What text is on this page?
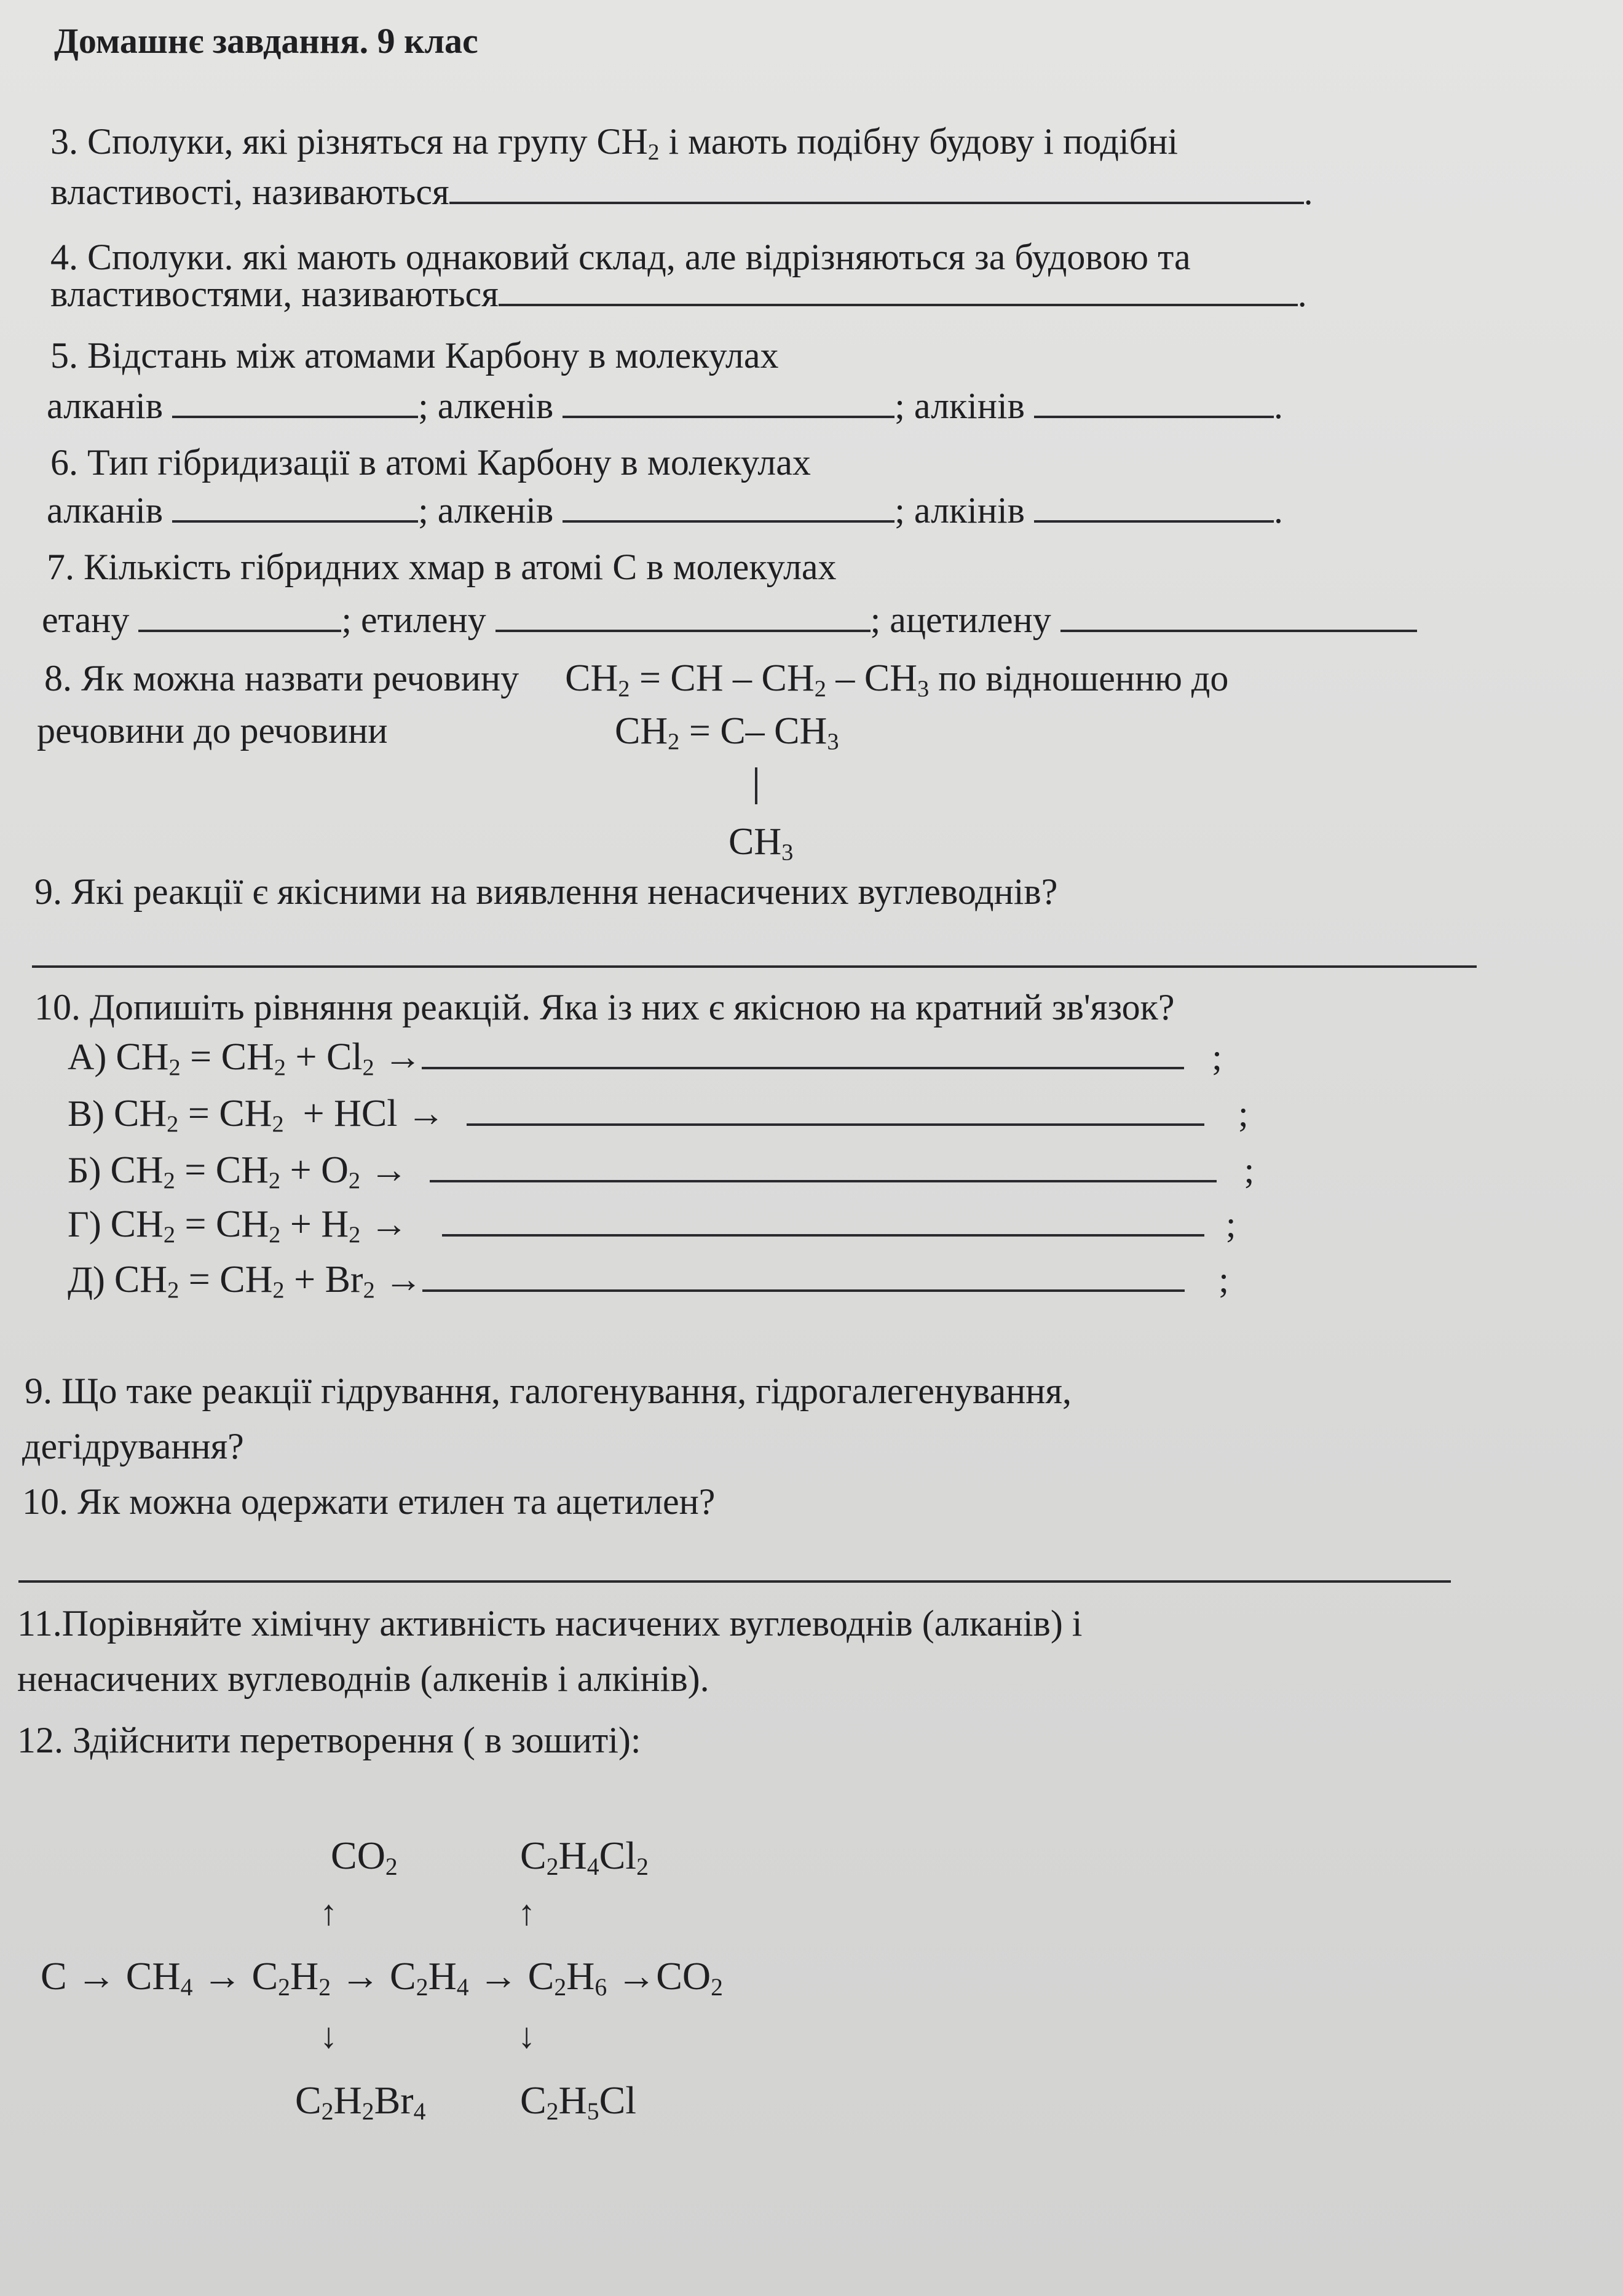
Домашнє завдання. 9 клас
3. Сполуки, які різняться на групу $CH_2$ і мають подібну будову і подібні
властивості, називаються	.
4. Сполуки. які мають однаковий склад, але відрізняються за будовою та
властивостями, називаються	.
5. Відстань між атомами Карбону в молекулах
алканів	; алкенів	; алкінів	.
6. Тип гібридизації в атомі Карбону в молекулах
алканів	; алкенів	; алкінів	.
7. Кількість гібридних хмар в атомі С в молекулах
етану	; етилену	; ацетилену
8. Як можна назвати речовину $CH_2$ = CH – $CH_2 - CH_3$ по відношенню до
речовини до речовини	$CH_2 = C-$ $CH_3$
$CH_3$
9. Які реакції є якісними на виявлення ненасичених вуглеводнів?
10. Допишіть рівняння реакцій. Яка із них є якісною на кратний зв'язок?
А) $CH_2 = CH_2 + Cl_2$ →	;
В) $CH_2 = CH_2$  + HCl →	;
Б) $CH_2 = CH_2 + O_2$ →	;
Г) $CH_2 = CH_2 + H_2$ →	;
Д) $CH_2 = CH_2 + Br_2$ →	;
9. Що таке реакції гідрування, галогенування, гідрогалегенування,
дегідрування?
10. Як можна одержати етилен та ацетилен?
11.Порівняйте хімічну активність насичених вуглеводнів (алканів) і
ненасичених вуглеводнів (алкенів і алкінів).
12. Здійснити перетворення ( в зошиті):
$CO_2$	$C_2H_4Cl_2$
↑	↑
$C \to CH_4 \to C_2H_2 \to C_2H_4 \to C_2H_6 \to CO_2$
↓	↓
$C_2H_2Br_4$ $C_2H_5Cl$
